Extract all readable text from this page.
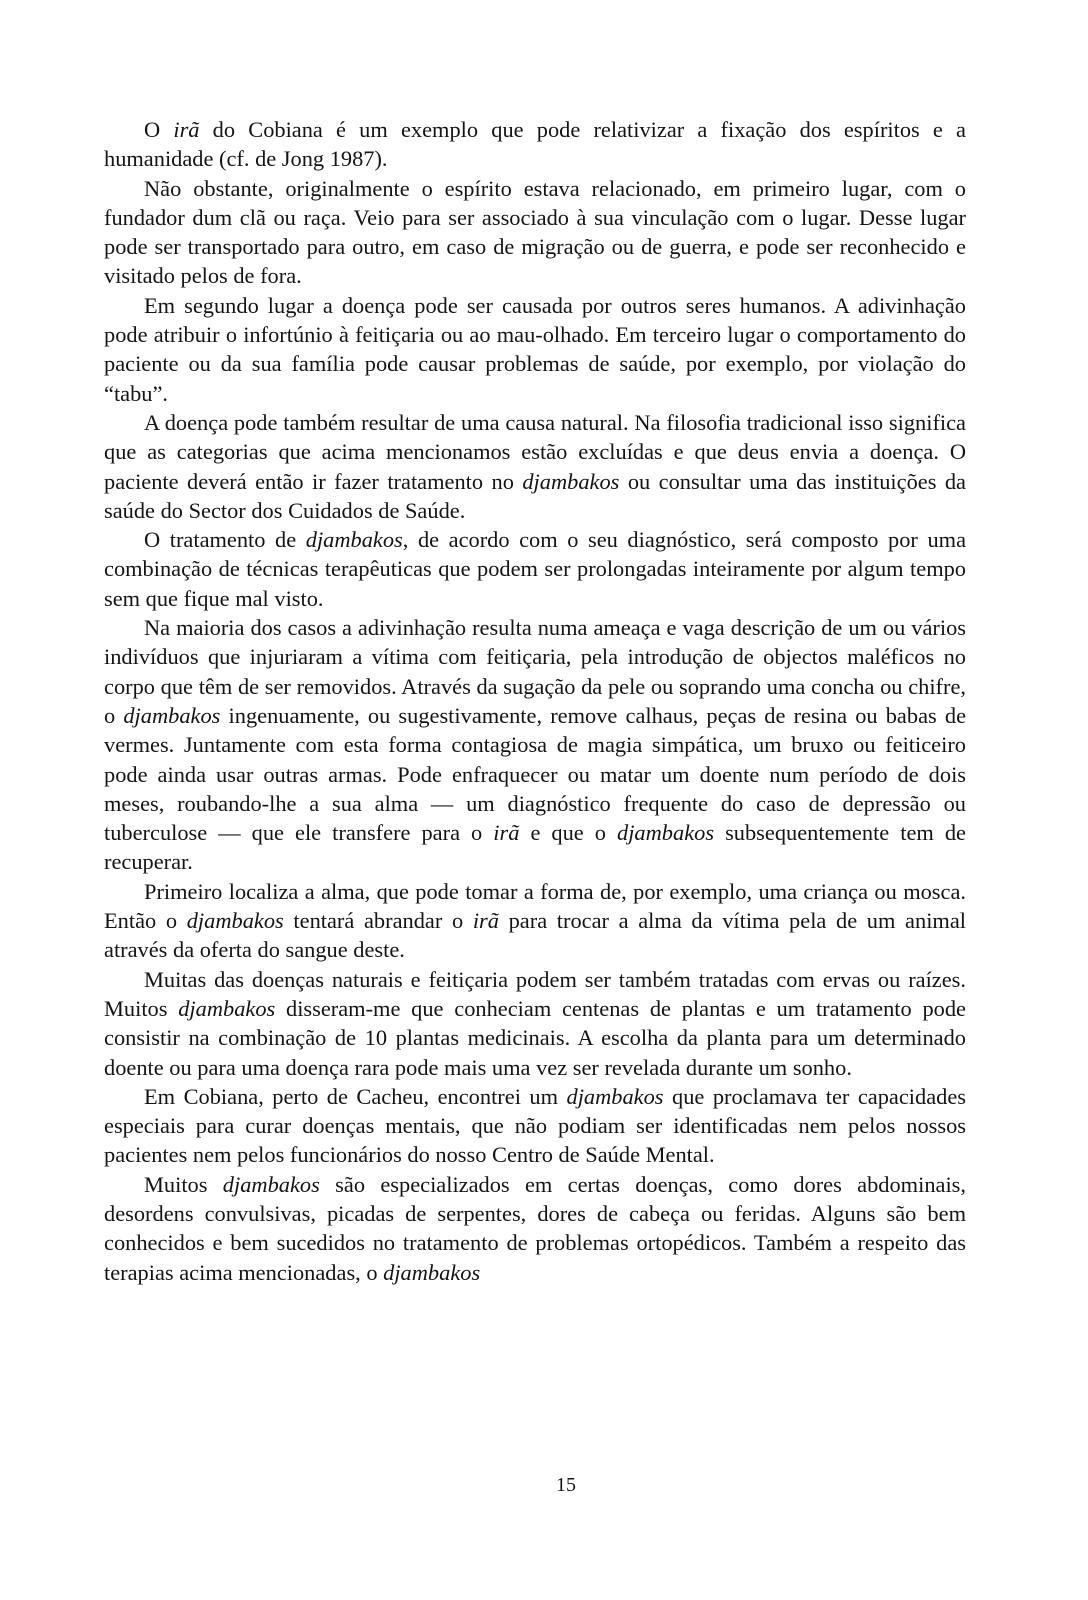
O irã do Cobiana é um exemplo que pode relativizar a fixação dos espíritos e a humanidade (cf. de Jong 1987).

Não obstante, originalmente o espírito estava relacionado, em primeiro lugar, com o fundador dum clã ou raça. Veio para ser associado à sua vinculação com o lugar. Desse lugar pode ser transportado para outro, em caso de migração ou de guerra, e pode ser reconhecido e visitado pelos de fora.

Em segundo lugar a doença pode ser causada por outros seres humanos. A adivinhação pode atribuir o infortúnio à feitiçaria ou ao mau-olhado. Em terceiro lugar o comportamento do paciente ou da sua família pode causar problemas de saúde, por exemplo, por violação do “tabu”.

A doença pode também resultar de uma causa natural. Na filosofia tradicional isso significa que as categorias que acima mencionamos estão excluídas e que deus envia a doença. O paciente deverá então ir fazer tratamento no djambakos ou consultar uma das instituições da saúde do Sector dos Cuidados de Saúde.

O tratamento de djambakos, de acordo com o seu diagnóstico, será composto por uma combinação de técnicas terapêuticas que podem ser prolongadas inteiramente por algum tempo sem que fique mal visto.

Na maioria dos casos a adivinhação resulta numa ameaça e vaga descrição de um ou vários indivíduos que injuriaram a vítima com feitiçaria, pela introdução de objectos maléficos no corpo que têm de ser removidos. Através da sugação da pele ou soprando uma concha ou chifre, o djambakos ingenuamente, ou sugestivamente, remove calhaus, peças de resina ou babas de vermes. Juntamente com esta forma contagiosa de magia simpática, um bruxo ou feiticeiro pode ainda usar outras armas. Pode enfraquecer ou matar um doente num período de dois meses, roubando-lhe a sua alma — um diagnóstico frequente do caso de depressão ou tuberculose — que ele transfere para o irã e que o djambakos subsequentemente tem de recuperar.

Primeiro localiza a alma, que pode tomar a forma de, por exemplo, uma criança ou mosca. Então o djambakos tentará abrandar o irã para trocar a alma da vítima pela de um animal através da oferta do sangue deste.

Muitas das doenças naturais e feitiçaria podem ser também tratadas com ervas ou raízes. Muitos djambakos disseram-me que conheciam centenas de plantas e um tratamento pode consistir na combinação de 10 plantas medicinais. A escolha da planta para um determinado doente ou para uma doença rara pode mais uma vez ser revelada durante um sonho.

Em Cobiana, perto de Cacheu, encontrei um djambakos que proclamava ter capacidades especiais para curar doenças mentais, que não podiam ser identificadas nem pelos nossos pacientes nem pelos funcionários do nosso Centro de Saúde Mental.

Muitos djambakos são especializados em certas doenças, como dores abdominais, desordens convulsivas, picadas de serpentes, dores de cabeça ou feridas. Alguns são bem conhecidos e bem sucedidos no tratamento de problemas ortopédicos. Também a respeito das terapias acima mencionadas, o djambakos

15
